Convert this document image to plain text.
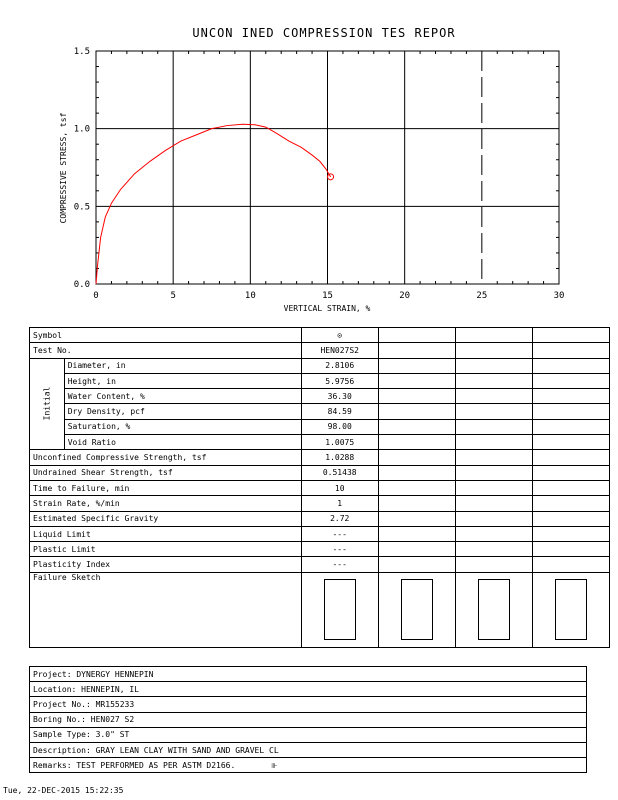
UNCON INED COMPRESSION TES REPOR
0	5	10	15	20	25	30
0.0
0.5
1.0
1.5
VERTICAL STRAIN, %
COMPRESSIVE STRESS, tsf
Symbol		⊙			
Test No.		HEN027S2			
Initial	Diameter, in	2.8106			
	Height, in	5.9756			
	Water Content, %	36.30			
	Dry Density, pcf	84.59			
	Saturation, %	98.00			
	Void Ratio	1.0075			
Unconfined Compressive Strength, tsf		1.0288			
Undrained Shear Strength, tsf		0.51438			
Time to Failure, min		10			
Strain Rate, %/min		1			
Estimated Specific Gravity		2.72			
Liquid Limit		---			
Plastic Limit		---			
Plasticity Index		---			
Failure Sketch		

Project: DYNERGY HENNEPIN
Location: HENNEPIN, IL
Project No.: MR155233
Boring No.: HEN027 S2
Sample Type: 3.0" ST
Description: GRAY LEAN CLAY WITH SAND AND GRAVEL CL
Remarks: TEST PERFORMED AS PER ASTM D2166.	⊪
Tue, 22-DEC-2015 15:22:35
